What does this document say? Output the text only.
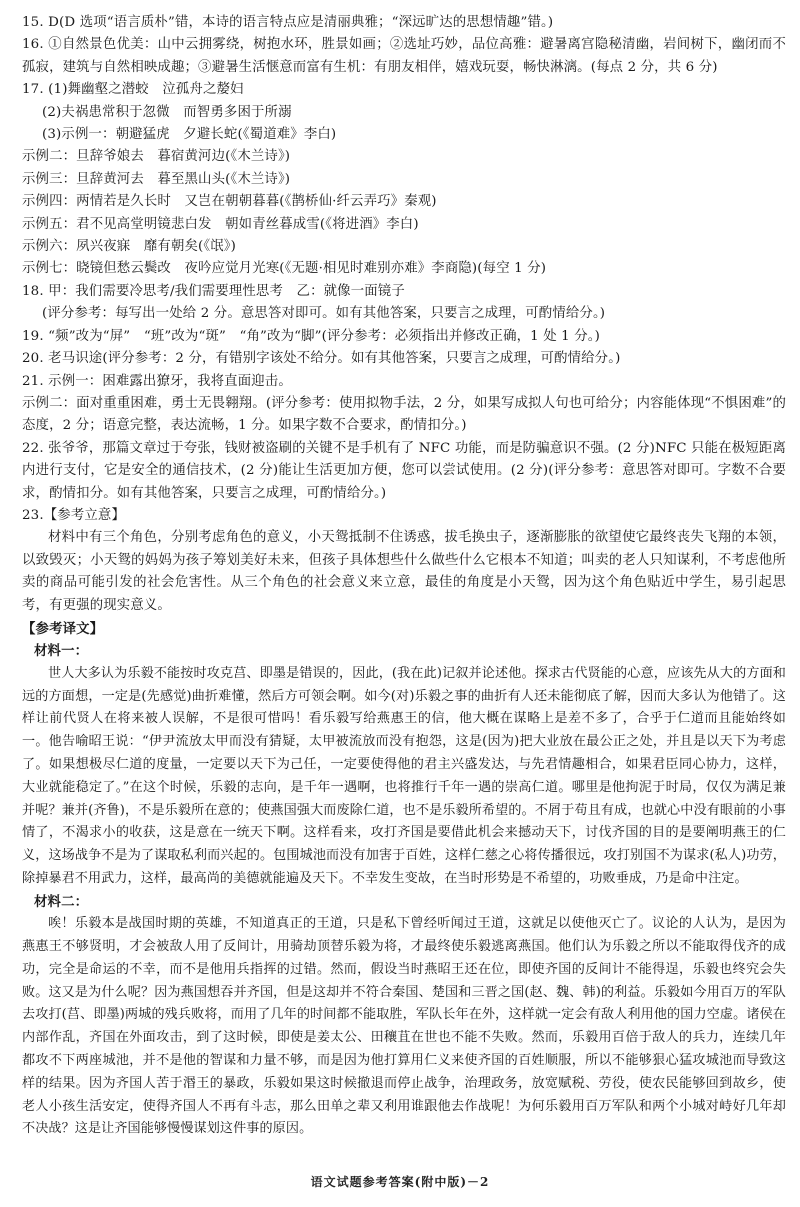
15. D(D 选项“语言质朴”错，本诗的语言特点应是清丽典雅；“深远旷达的思想情趣”错。)

16. ①自然景色优美：山中云拥雾绕，树抱水环，胜景如画；②选址巧妙，品位高雅：避暑离宫隐秘清幽，岩间树下，幽闭而不孤寂，建筑与自然相映成趣；③避暑生活惬意而富有生机：有朋友相伴，嬉戏玩耍，畅快淋漓。(每点 2 分，共 6 分)

17. (1)舞幽壑之潜蛟　泣孤舟之嫠妇

(2)夫祸患常积于忽微　而智勇多困于所溺

(3)示例一：朝避猛虎　夕避长蛇(《蜀道难》李白)

示例二：旦辞爷娘去　暮宿黄河边(《木兰诗》)

示例三：旦辞黄河去　暮至黑山头(《木兰诗》)

示例四：两情若是久长时　又岂在朝朝暮暮(《鹊桥仙·纤云弄巧》秦观)

示例五：君不见高堂明镜悲白发　朝如青丝暮成雪(《将进酒》李白)

示例六：夙兴夜寐　靡有朝矣(《氓》)

示例七：晓镜但愁云鬓改　夜吟应觉月光寒(《无题·相见时难别亦难》李商隐)(每空 1 分)

18. 甲：我们需要冷思考/我们需要理性思考　乙：就像一面镜子

(评分参考：每写出一处给 2 分。意思答对即可。如有其他答案，只要言之成理，可酌情给分。)

19. “频”改为“屏”　“班”改为“斑”　“角”改为“脚”(评分参考：必须指出并修改正确，1 处 1 分。)

20. 老马识途(评分参考：2 分，有错别字该处不给分。如有其他答案，只要言之成理，可酌情给分。)

21. 示例一：困难露出獠牙，我将直面迎击。

示例二：面对重重困难，勇士无畏翱翔。(评分参考：使用拟物手法，2 分，如果写成拟人句也可给分；内容能体现“不惧困难”的态度，2 分；语意完整，表达流畅，1 分。如果字数不合要求，酌情扣分。)

22. 张爷爷，那篇文章过于夸张，钱财被盗刷的关键不是手机有了 NFC 功能，而是防骗意识不强。(2 分)NFC 只能在极短距离内进行支付，它是安全的通信技术，(2 分)能让生活更加方便，您可以尝试使用。(2 分)(评分参考：意思答对即可。字数不合要求，酌情扣分。如有其他答案，只要言之成理，可酌情给分。)

23.【参考立意】

材料中有三个角色，分别考虑角色的意义，小天鸳抵制不住诱惑，拔毛换虫子，逐渐膨胀的欲望使它最终丧失飞翔的本领，以致毁灭；小天鸳的妈妈为孩子筹划美好未来，但孩子具体想些什么做些什么它根本不知道；叫卖的老人只知谋利，不考虑他所卖的商品可能引发的社会危害性。从三个角色的社会意义来立意，最佳的角度是小天鸳，因为这个角色贴近中学生，易引起思考，有更强的现实意义。

【参考译文】

材料一：

世人大多认为乐毅不能按时攻克莒、即墨是错误的，因此，(我在此)记叙并论述他。探求古代贤能的心意，应该先从大的方面和远的方面想，一定是(先感觉)曲折难懂，然后方可领会啊。如今(对)乐毅之事的曲折有人还未能彻底了解，因而大多认为他错了。这样让前代贤人在将来被人误解，不是很可惜吗！看乐毅写给燕惠王的信，他大概在谋略上是差不多了，合乎于仁道而且能始终如一。他告喻昭王说：“伊尹流放太甲而没有猜疑，太甲被流放而没有抱怨，这是(因为)把大业放在最公正之处，并且是以天下为考虑了。如果想极尽仁道的度量，一定要以天下为己任，一定要使得他的君主兴盛发达，与先君情趣相合，如果君臣同心协力，这样，大业就能稳定了。”在这个时候，乐毅的志向，是千年一遇啊，也将推行千年一遇的崇高仁道。哪里是他拘泥于时局，仅仅为满足兼并呢？兼并(齐鲁)，不是乐毅所在意的；使燕国强大而废除仁道，也不是乐毅所希望的。不屑于苟且有成，也就心中没有眼前的小事情了，不渴求小的收获，这是意在一统天下啊。这样看来，攻打齐国是要借此机会来撼动天下，讨伐齐国的目的是要阐明燕王的仁义，这场战争不是为了谋取私利而兴起的。包围城池而没有加害于百姓，这样仁慈之心将传播很远，攻打别国不为谋求(私人)功劳，除掉暴君不用武力，这样，最高尚的美德就能遍及天下。不幸发生变故，在当时形势是不希望的，功败垂成，乃是命中注定。

材料二：

唉！乐毅本是战国时期的英雄，不知道真正的王道，只是私下曾经听闻过王道，这就足以使他灭亡了。议论的人认为，是因为燕惠王不够贤明，才会被敌人用了反间计，用骑劫顶替乐毅为将，才最终使乐毅逃离燕国。他们认为乐毅之所以不能取得伐齐的成功，完全是命运的不幸，而不是他用兵指挥的过错。然而，假设当时燕昭王还在位，即使齐国的反间计不能得逞，乐毅也终究会失败。这又是为什么呢？因为燕国想吞并齐国，但是这却并不符合秦国、楚国和三晋之国(赵、魏、韩)的利益。乐毅如今用百万的军队去攻打(莒、即墨)两城的残兵败将，而用了几年的时间都不能取胜，军队长年在外，这样就一定会有敌人利用他的国力空虚。诸侯在内部作乱，齐国在外面攻击，到了这时候，即使是姜太公、田穰苴在世也不能不失败。然而，乐毅用百倍于敌人的兵力，连续几年都攻不下两座城池，并不是他的智谋和力量不够，而是因为他打算用仁义来使齐国的百姓顺服，所以不能够狠心猛攻城池而导致这样的结果。因为齐国人苦于湣王的暴政，乐毅如果这时候撤退而停止战争，治理政务，放宽赋税、劳役，使农民能够回到故乡，使老人小孩生活安定，使得齐国人不再有斗志，那么田单之辈又利用谁跟他去作战呢！为何乐毅用百万军队和两个小城对峙好几年却不决战？这是让齐国能够慢慢谋划这件事的原因。

语文试题参考答案(附中版)－2
